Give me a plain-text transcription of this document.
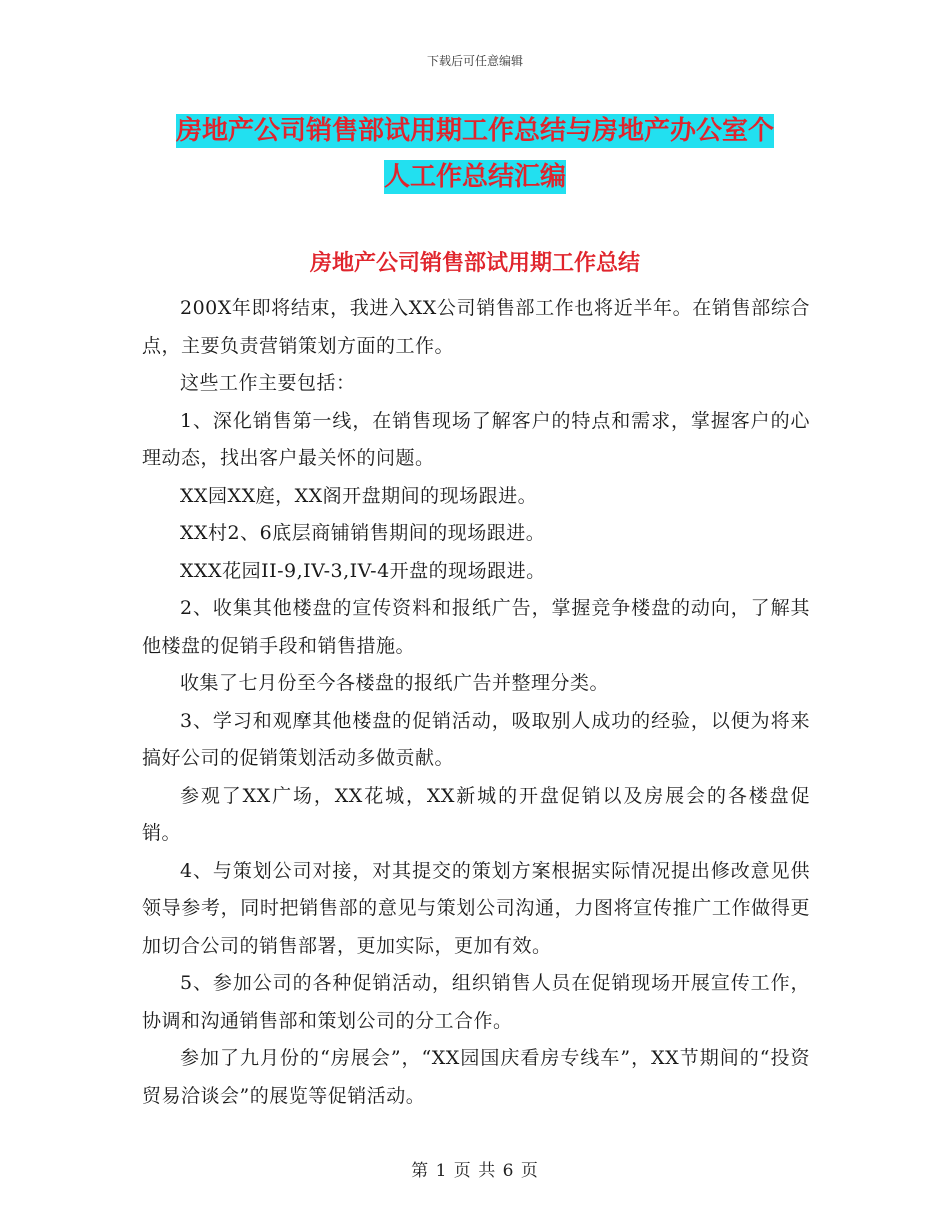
下载后可任意编辑
房地产公司销售部试用期工作总结与房地产办公室个
人工作总结汇编
房地产公司销售部试用期工作总结

200X年即将结束，我进入XX公司销售部工作也将近半年。在销售部综合点，主要负责营销策划方面的工作。

这些工作主要包括：

1、深化销售第一线，在销售现场了解客户的特点和需求，掌握客户的心理动态，找出客户最关怀的问题。

XX园XX庭，XX阁开盘期间的现场跟进。

XX村2、6底层商铺销售期间的现场跟进。

XXX花园II-9,IV-3,IV-4开盘的现场跟进。

2、收集其他楼盘的宣传资料和报纸广告，掌握竞争楼盘的动向，了解其他楼盘的促销手段和销售措施。

收集了七月份至今各楼盘的报纸广告并整理分类。

3、学习和观摩其他楼盘的促销活动，吸取别人成功的经验，以便为将来搞好公司的促销策划活动多做贡献。

参观了XX广场，XX花城，XX新城的开盘促销以及房展会的各楼盘促销。

4、与策划公司对接，对其提交的策划方案根据实际情况提出修改意见供领导参考，同时把销售部的意见与策划公司沟通，力图将宣传推广工作做得更加切合公司的销售部署，更加实际，更加有效。

5、参加公司的各种促销活动，组织销售人员在促销现场开展宣传工作，协调和沟通销售部和策划公司的分工合作。

参加了九月份的“房展会”，“XX园国庆看房专线车”，XX节期间的“投资贸易洽谈会”的展览等促销活动。

第 1 页 共 6 页
